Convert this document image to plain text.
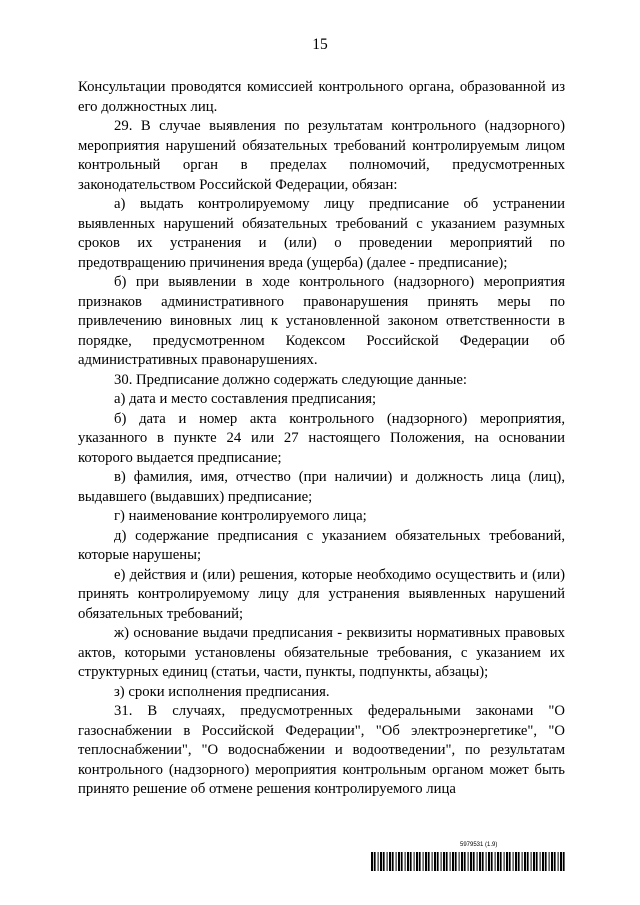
15

Консультации проводятся комиссией контрольного органа, образованной из его должностных лиц.

29. В случае выявления по результатам контрольного (надзорного) мероприятия нарушений обязательных требований контролируемым лицом контрольный орган в пределах полномочий, предусмотренных законодательством Российской Федерации, обязан:

а) выдать контролируемому лицу предписание об устранении выявленных нарушений обязательных требований с указанием разумных сроков их устранения и (или) о проведении мероприятий по предотвращению причинения вреда (ущерба) (далее - предписание);

б) при выявлении в ходе контрольного (надзорного) мероприятия признаков административного правонарушения принять меры по привлечению виновных лиц к установленной законом ответственности в порядке, предусмотренном Кодексом Российской Федерации об административных правонарушениях.

30. Предписание должно содержать следующие данные:

а) дата и место составления предписания;

б) дата и номер акта контрольного (надзорного) мероприятия, указанного в пункте 24 или 27 настоящего Положения, на основании которого выдается предписание;

в) фамилия, имя, отчество (при наличии) и должность лица (лиц), выдавшего (выдавших) предписание;

г) наименование контролируемого лица;

д) содержание предписания с указанием обязательных требований, которые нарушены;

е) действия и (или) решения, которые необходимо осуществить и (или) принять контролируемому лицу для устранения выявленных нарушений обязательных требований;

ж) основание выдачи предписания - реквизиты нормативных правовых актов, которыми установлены обязательные требования, с указанием их структурных единиц (статьи, части, пункты, подпункты, абзацы);

з) сроки исполнения предписания.

31. В случаях, предусмотренных федеральными законами "О газоснабжении в Российской Федерации", "Об электроэнергетике", "О теплоснабжении", "О водоснабжении и водоотведении", по результатам контрольного (надзорного) мероприятия контрольным органом может быть принято решение об отмене решения контролируемого лица

5979531 (1.9)
